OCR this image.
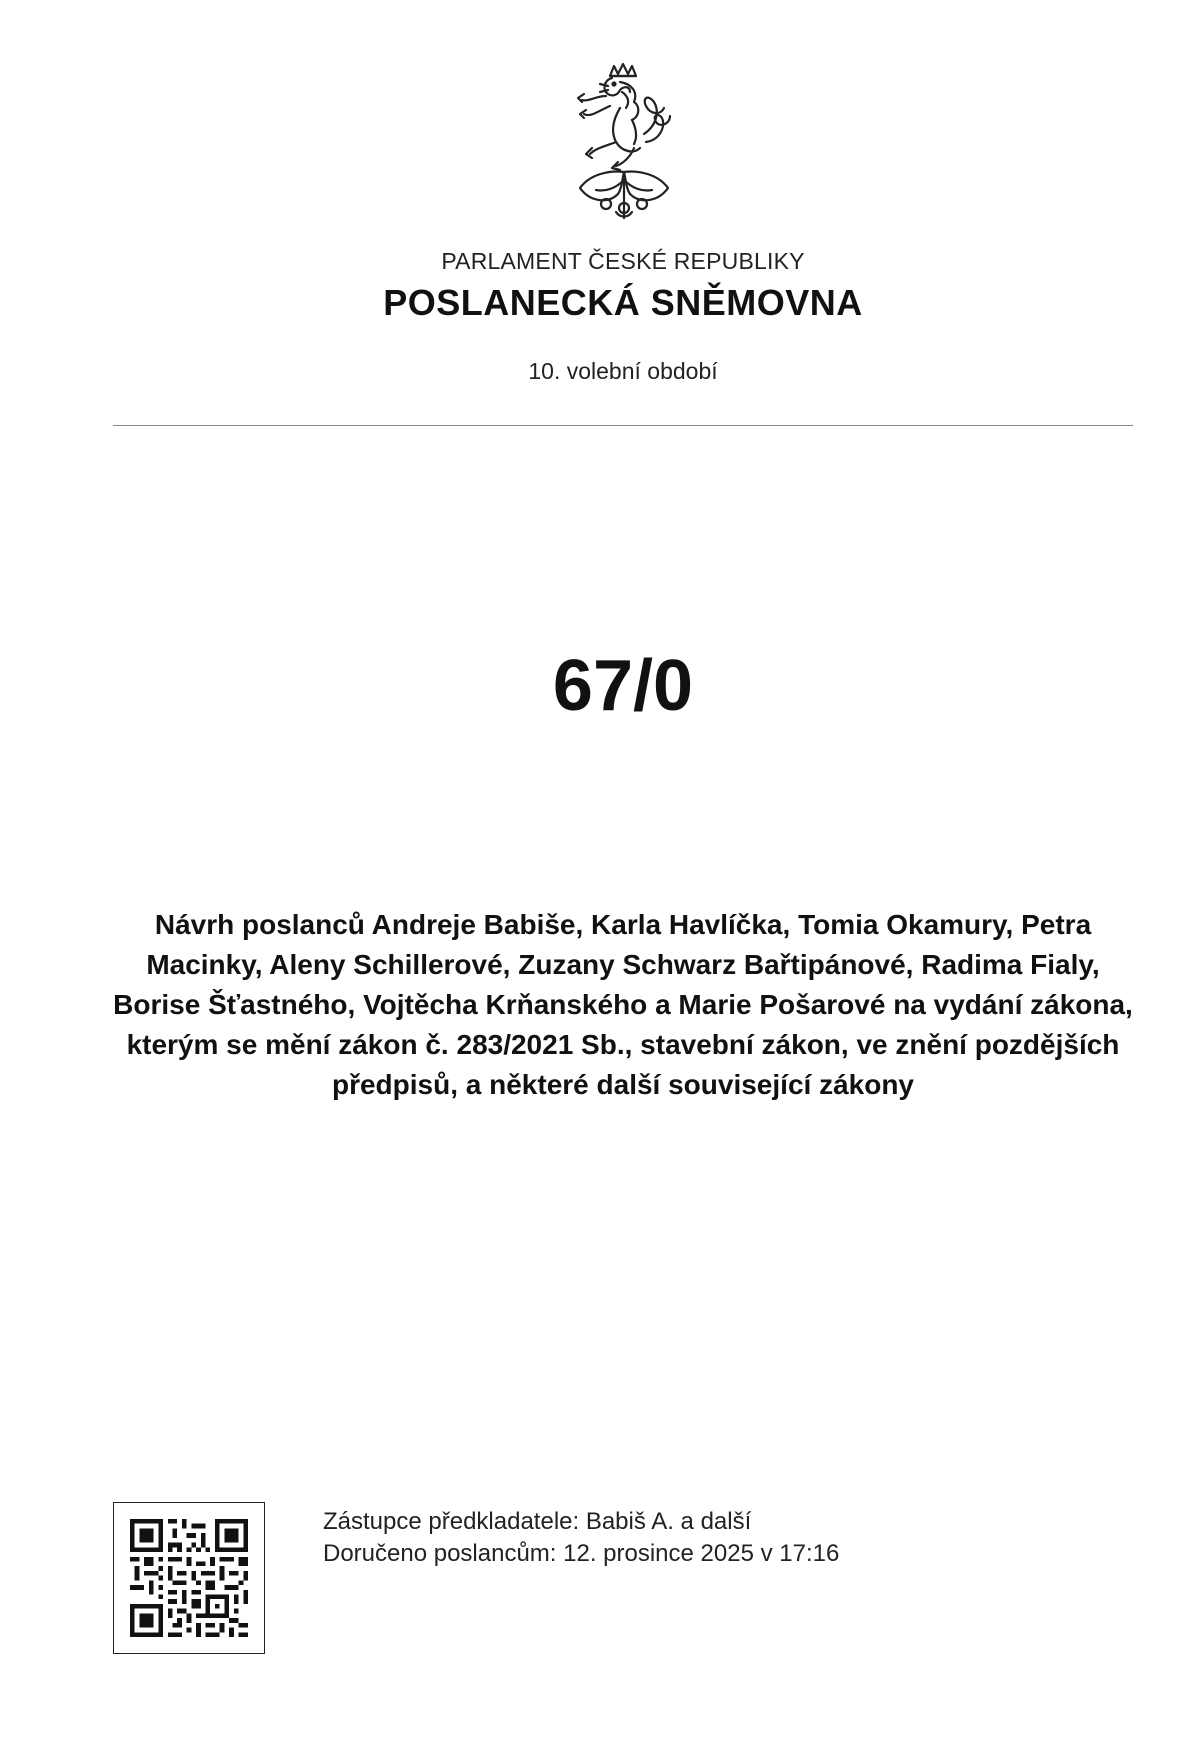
PARLAMENT ČESKÉ REPUBLIKY
POSLANECKÁ SNĚMOVNA
10. volební období
67/0
Návrh poslanců Andreje Babiše, Karla Havlíčka, Tomia Okamury, Petra Macinky, Aleny Schillerové, Zuzany Schwarz Bařtipánové, Radima Fialy, Borise Šťastného, Vojtěcha Krňanského a Marie Pošarové na vydání zákona, kterým se mění zákon č. 283/2021 Sb., stavební zákon, ve znění pozdějších předpisů, a některé další související zákony
Zástupce předkladatele: Babiš A. a další
Doručeno poslancům: 12. prosince 2025 v 17:16
